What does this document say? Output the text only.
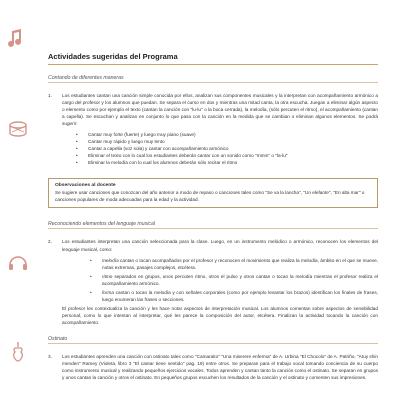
Actividades sugeridas del Programa

Contando de diferentes maneras

1.	Los estudiantes cantan una canción simple conocida por ellos, analizan sus componentes musicales y la interpretan con acompañamiento armónico a cargo del profesor y los alumnos que puedan. Se separa el curso en dos y mientras una mitad canta, la otra escucha. Juegan a eliminar algún aspecto o elemento como por ejemplo el texto (cantan la canción con "lu-lu" o la boca cerrada), la melodía, (sólo percuten el ritmo), el acompañamiento (cantan a capella). Se escuchan y analizan en conjunto lo que pasa con la canción en la medida que se cambian o eliminan algunos elementos. Se podrá sugerir:
• Cantar muy forte (fuerte) y luego muy piano (suave)
• Cantar muy rápido y luego muy lento
• Cantar a capella (voz sola) y cantar con acompañamiento armónico
• Eliminar el texto con lo cual los estudiantes deberán cantar con un sonido como "mmm" o "la-lu"
• Eliminar la melodía con lo cual los alumnos deberán sólo recitar el ritmo
Observaciones al docente
Se sugiere usar canciones que conozcan del año anterior a modo de repaso o canciones tales como "Se va la lancha", "Un elefante", "En alta mar" o canciones populares de moda adecuadas para la edad y la actividad.

Reconociendo elementos del lenguaje musical

2.	Los estudiantes interpretan una canción seleccionada para la clase. Luego, en un instrumento melódico o armónico, reconocen los elementos del lenguaje musical, como:
• melodía cantan o tocan acompañados por el profesor y reconocen el movimiento que realiza la melodía, ámbito en el que se mueve, notas extremas, pasajes complejos, etcétera.
• ritmo separados en grupos, unos percuten ritmo, otros el pulso y otros cantan o tocan la melodía mientras el profesor realiza el acompañamiento armónico.
• forma cantan o tocan la melodía y con señales corporales (como por ejemplo levantar los brazos) identifican los finales de frases, luego enumeran las frases o secciones.

El profesor les contextualiza la canción y les hace notar aspectos de interpretación musical. Los alumnos comentan sobre aspectos de sensibilidad personal, como lo que intentan al interpretar, qué les parece la composición del autor, etcétera. Finalizan la actividad tocando la canción con acompañamiento.

Ostinato

3.	Los estudiantes aprenden una canción con ostinato tales como "Camaraito" "Una miserere enferma" de A. Urbina "El Chocolo" de A. Patriño, "Atuy shin menden" Ramey (Violeta, libro 3 "El cantar tiene sentido" pag. 19) entre otros. Se preparan para el trabajo vocal tomando conciencia de su cuerpo como instrumento musical y realizando pequeños ejercicios vocales. Todos aprenden y cantan tanto la canción como el ostinato. Se separan en grupos y unos cantan la canción y otros el ostinato. En pequeños grupos escuchen los resultados de la canción y el ostinato y comenten sus impresiones.
